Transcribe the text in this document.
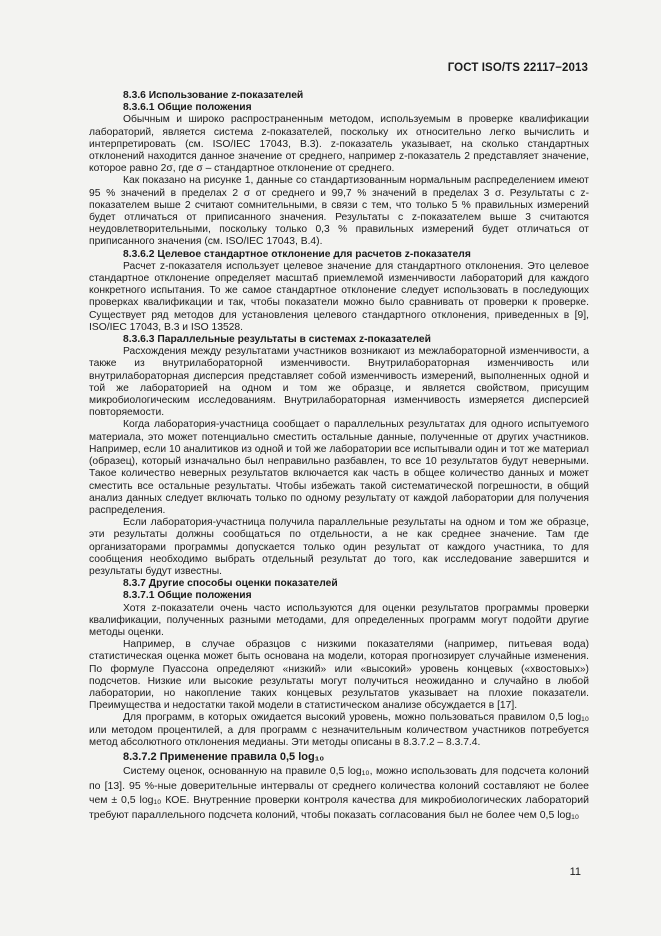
ГОСТ ISO/TS 22117−2013
8.3.6 Использование z-показателей
8.3.6.1 Общие положения

Обычным и широко распространенным методом, используемым в проверке квалификации лабораторий, является система z-показателей, поскольку их относительно легко вычислить и интерпретировать (см. ISO/IEC 17043, В.3). z-показатель указывает, на сколько стандартных отклонений находится данное значение от среднего, например z-показатель 2 представляет значение, которое равно 2σ, где σ – стандартное отклонение от среднего.

Как показано на рисунке 1, данные со стандартизованным нормальным распределением имеют 95 % значений в пределах 2 σ от среднего и 99,7 % значений в пределах 3 σ. Результаты с z-показателем выше 2 считают сомнительными, в связи с тем, что только 5 % правильных измерений будет отличаться от приписанного значения. Результаты с z-показателем выше 3 считаются неудовлетворительными, поскольку только 0,3 % правильных измерений будет отличаться от приписанного значения (см. ISO/IEC 17043, В.4).

8.3.6.2 Целевое стандартное отклонение для расчетов z-показателя

Расчет z-показателя использует целевое значение для стандартного отклонения. Это целевое стандартное отклонение определяет масштаб приемлемой изменчивости лабораторий для каждого конкретного испытания. То же самое стандартное отклонение следует использовать в последующих проверках квалификации и так, чтобы показатели можно было сравнивать от проверки к проверке. Существует ряд методов для установления целевого стандартного отклонения, приведенных в [9], ISO/IEC 17043, В.3 и ISO 13528.

8.3.6.3 Параллельные результаты в системах z-показателей

Расхождения между результатами участников возникают из межлабораторной изменчивости, а также из внутрилабораторной изменчивости. Внутрилабораторная изменчивость или внутрилабораторная дисперсия представляет собой изменчивость измерений, выполненных одной и той же лабораторией на одном и том же образце, и является свойством, присущим микробиологическим исследованиям. Внутрилабораторная изменчивость измеряется дисперсией повторяемости.

Когда лаборатория-участница сообщает о параллельных результатах для одного испытуемого материала, это может потенциально сместить остальные данные, полученные от других участников. Например, если 10 аналитиков из одной и той же лаборатории все испытывали один и тот же материал (образец), который изначально был неправильно разбавлен, то все 10 результатов будут неверными. Такое количество неверных результатов включается как часть в общее количество данных и может сместить все остальные результаты. Чтобы избежать такой систематической погрешности, в общий анализ данных следует включать только по одному результату от каждой лаборатории для получения распределения.

Если лаборатория-участница получила параллельные результаты на одном и том же образце, эти результаты должны сообщаться по отдельности, а не как среднее значение. Там где организаторами программы допускается только один результат от каждого участника, то для сообщения необходимо выбрать отдельный результат до того, как исследование завершится и результаты будут известны.

8.3.7 Другие способы оценки показателей
8.3.7.1 Общие положения

Хотя z-показатели очень часто используются для оценки результатов программы проверки квалификации, полученных разными методами, для определенных программ могут подойти другие методы оценки.

Например, в случае образцов с низкими показателями (например, питьевая вода) статистическая оценка может быть основана на модели, которая прогнозирует случайные изменения. По формуле Пуассона определяют «низкий» или «высокий» уровень концевых («хвостовых») подсчетов. Низкие или высокие результаты могут получиться неожиданно и случайно в любой лаборатории, но накопление таких концевых результатов указывает на плохие показатели. Преимущества и недостатки такой модели в статистическом анализе обсуждается в [17].

Для программ, в которых ожидается высокий уровень, можно пользоваться правилом 0,5 log₁₀ или методом процентилей, а для программ с незначительным количеством участников потребуется метод абсолютного отклонения медианы. Эти методы описаны в 8.3.7.2 – 8.3.7.4.

8.3.7.2 Применение правила 0,5 log₁₀

Систему оценок, основанную на правиле 0,5 log₁₀, можно использовать для подсчета колоний по [13]. 95 %-ные доверительные интервалы от среднего количества колоний составляют не более чем ± 0,5 log₁₀ КОЕ. Внутренние проверки контроля качества для микробиологических лабораторий требуют параллельного подсчета колоний, чтобы показать согласования был не более чем 0,5 log₁₀

11
